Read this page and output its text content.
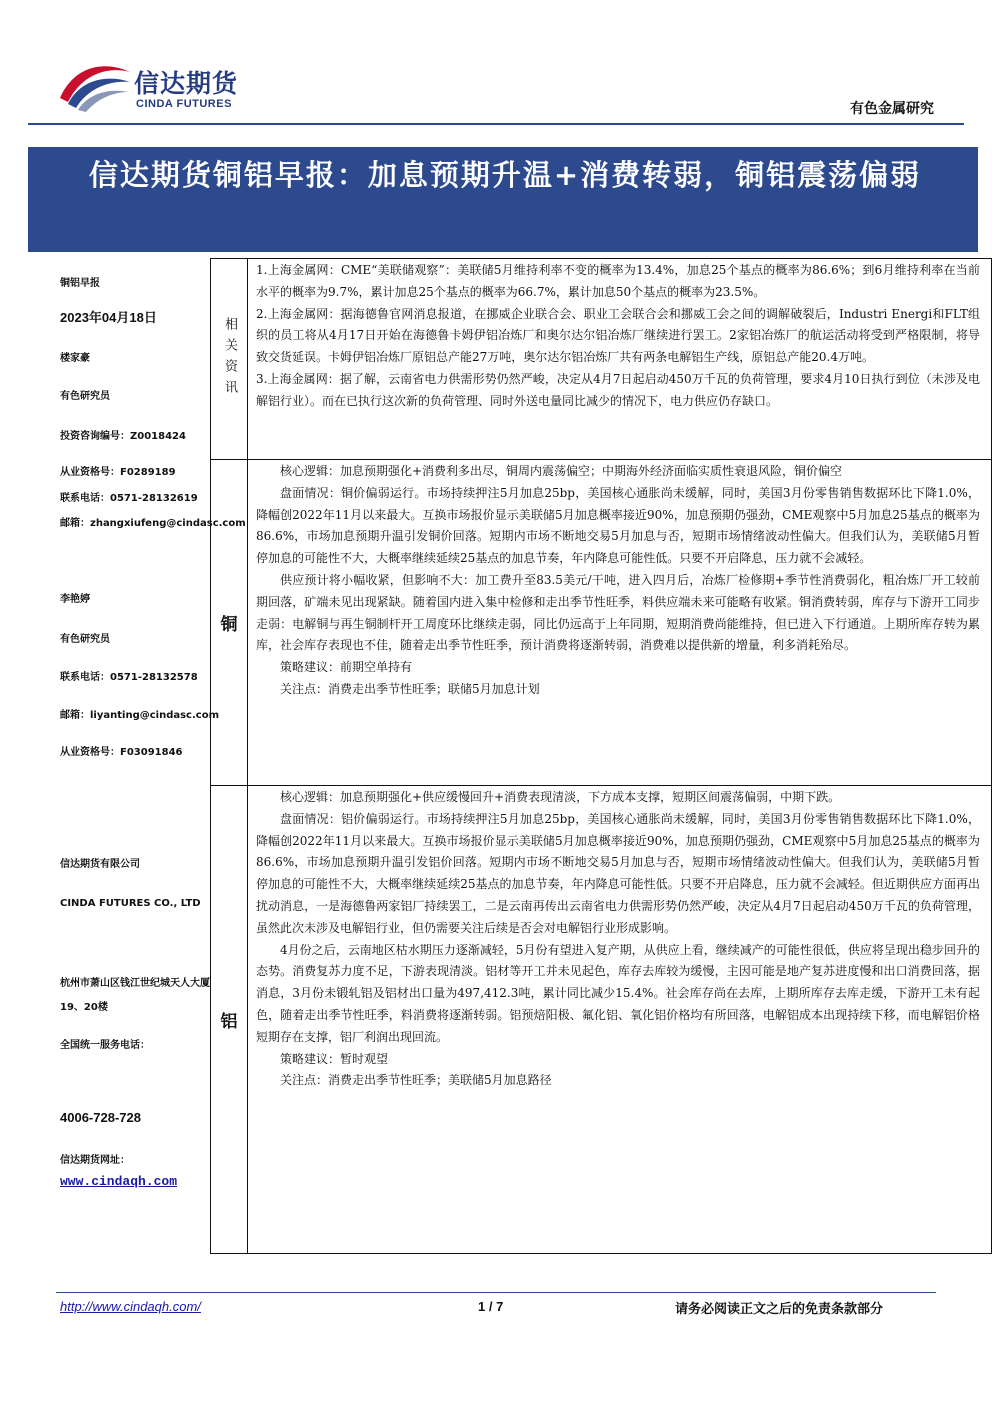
信达期货
CINDA FUTURES	有色金属研究
信达期货铜铝早报：加息预期升温+消费转弱，铜铝震荡偏弱
铜铝早报
2023年04月18日
楼家豪
有色研究员
投资咨询编号：Z0018424
从业资格号：F0289189
联系电话：0571-28132619
邮箱：zhangxiufeng@cindasc.com
李艳婷
有色研究员
联系电话：0571-28132578
邮箱：liyanting@cindasc.com
从业资格号：F03091846
信达期货有限公司
CINDA FUTURES CO., LTD
杭州市萧山区钱江世纪城天人大厦
19、20楼
全国统一服务电话：
4006-728-728
信达期货网址：
www.cindaqh.com
相关资讯

1.上海金属网：CME“美联储观察”：美联储5月维持利率不变的概率为13.4%，加息25个基点的概率为86.6%；到6月维持利率在当前水平的概率为9.7%，累计加息25个基点的概率为66.7%，累计加息50个基点的概率为23.5%。

2.上海金属网：据海德鲁官网消息报道，在挪威企业联合会、职业工会联合会和挪威工会之间的调解破裂后，Industri Energi和FLT组织的员工将从4月17日开始在海德鲁卡姆伊铝冶炼厂和奥尔达尔铝冶炼厂继续进行罢工。2家铝冶炼厂的航运活动将受到严格限制，将导致交货延误。卡姆伊铝冶炼厂原铝总产能27万吨，奥尔达尔铝冶炼厂共有两条电解铝生产线，原铝总产能20.4万吨。

3.上海金属网：据了解，云南省电力供需形势仍然严峻，决定从4月7日起启动450万千瓦的负荷管理，要求4月10日执行到位（未涉及电解铝行业）。而在已执行这次新的负荷管理、同时外送电量同比减少的情况下，电力供应仍存缺口。

铜

核心逻辑：加息预期强化+消费利多出尽，铜周内震荡偏空；中期海外经济面临实质性衰退风险，铜价偏空

盘面情况：铜价偏弱运行。市场持续押注5月加息25bp，美国核心通胀尚未缓解，同时，美国3月份零售销售数据环比下降1.0%，降幅创2022年11月以来最大。互换市场报价显示美联储5月加息概率接近90%，加息预期仍强劲，CME观察中5月加息25基点的概率为86.6%，市场加息预期升温引发铜价回落。短期内市场不断地交易5月加息与否，短期市场情绪波动性偏大。但我们认为，美联储5月暂停加息的可能性不大，大概率继续延续25基点的加息节奏，年内降息可能性低。只要不开启降息，压力就不会减轻。

供应预计将小幅收紧，但影响不大：加工费升至83.5美元/干吨，进入四月后，冶炼厂检修期+季节性消费弱化，粗冶炼厂开工较前期回落，矿端未见出现紧缺。随着国内进入集中检修和走出季节性旺季，料供应端未来可能略有收紧。铜消费转弱，库存与下游开工同步走弱：电解铜与再生铜制杆开工周度环比继续走弱，同比仍远高于上年同期，短期消费尚能维持，但已进入下行通道。上期所库存转为累库，社会库存表现也不佳，随着走出季节性旺季，预计消费将逐渐转弱，消费难以提供新的增量，利多消耗殆尽。

策略建议：前期空单持有

关注点：消费走出季节性旺季；联储5月加息计划

铝

核心逻辑：加息预期强化+供应缓慢回升+消费表现清淡，下方成本支撑，短期区间震荡偏弱，中期下跌。

盘面情况：铝价偏弱运行。市场持续押注5月加息25bp，美国核心通胀尚未缓解，同时，美国3月份零售销售数据环比下降1.0%，降幅创2022年11月以来最大。互换市场报价显示美联储5月加息概率接近90%，加息预期仍强劲，CME观察中5月加息25基点的概率为86.6%，市场加息预期升温引发铝价回落。短期内市场不断地交易5月加息与否，短期市场情绪波动性偏大。但我们认为，美联储5月暂停加息的可能性不大，大概率继续延续25基点的加息节奏，年内降息可能性低。只要不开启降息，压力就不会减轻。但近期供应方面再出扰动消息，一是海德鲁两家铝厂持续罢工，二是云南再传出云南省电力供需形势仍然严峻，决定从4月7日起启动450万千瓦的负荷管理，虽然此次未涉及电解铝行业，但仍需要关注后续是否会对电解铝行业形成影响。

4月份之后，云南地区枯水期压力逐渐减轻，5月份有望进入复产期，从供应上看，继续减产的可能性很低，供应将呈现出稳步回升的态势。消费复苏力度不足，下游表现清淡。铝材等开工并未见起色，库存去库较为缓慢，主因可能是地产复苏进度慢和出口消费回落，据消息，3月份未锻轧铝及铝材出口量为497,412.3吨，累计同比减少15.4%。社会库存尚在去库，上期所库存去库走缓，下游开工未有起色，随着走出季节性旺季，料消费将逐渐转弱。铝预焙阳极、氟化铝、氧化铝价格均有所回落，电解铝成本出现持续下移，而电解铝价格短期存在支撑，铝厂利润出现回流。

策略建议：暂时观望

关注点：消费走出季节性旺季；美联储5月加息路径

http://www.cindaqh.com/	1 / 7	请务必阅读正文之后的免责条款部分
